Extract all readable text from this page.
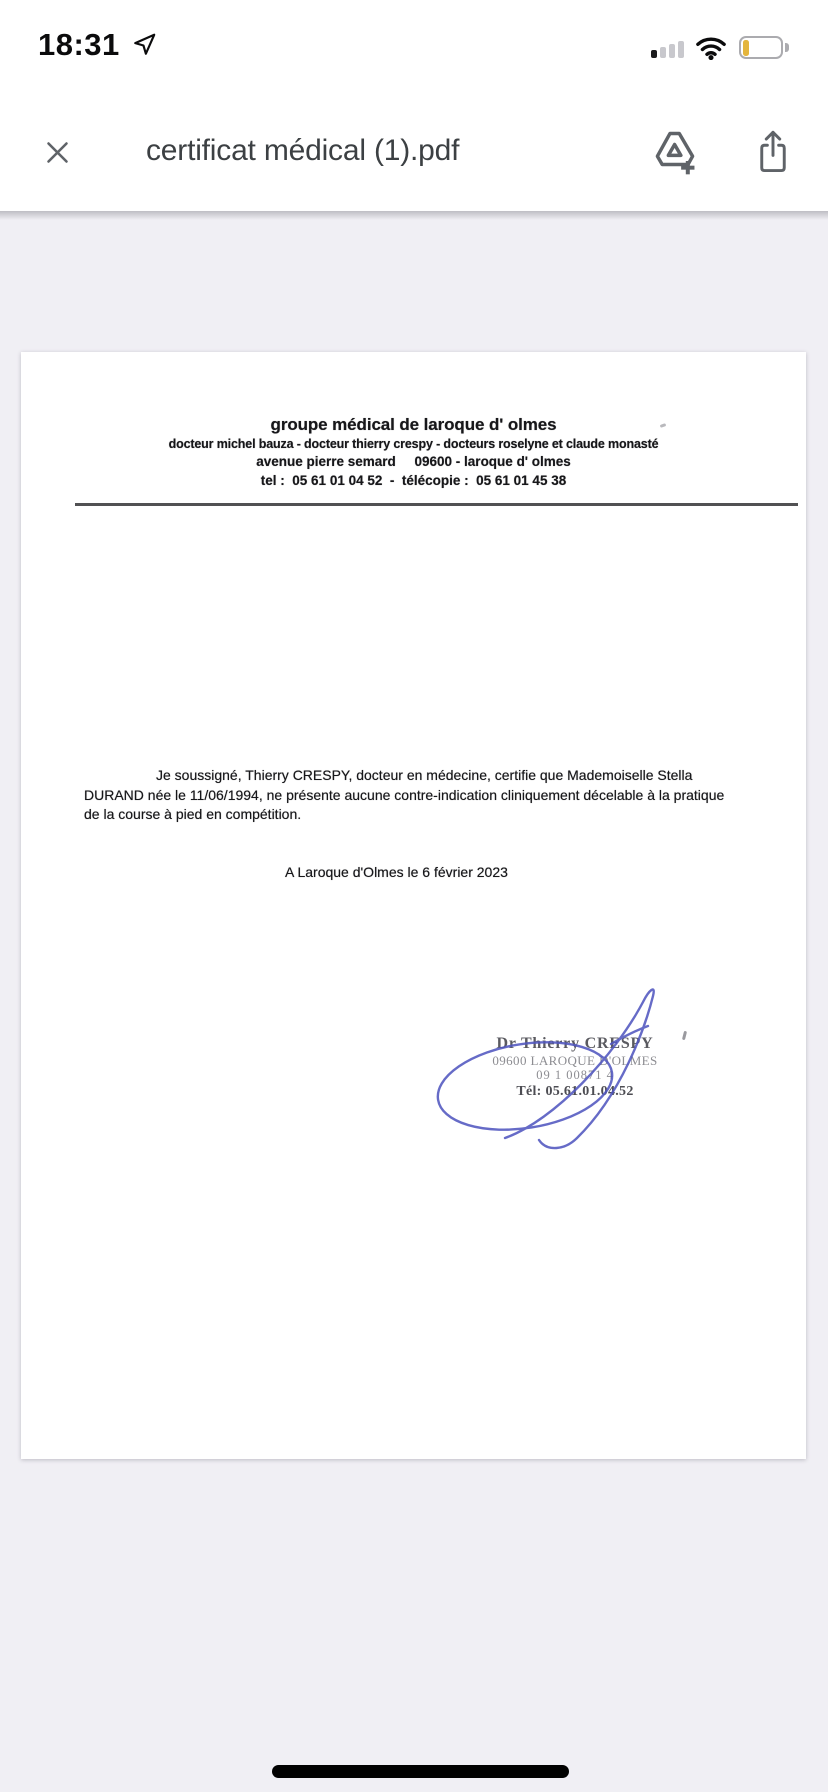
18:31
certificat médical (1).pdf
groupe médical de laroque d' olmes
docteur michel bauza - docteur thierry crespy - docteurs roselyne et claude monasté
avenue pierre semard     09600 - laroque d' olmes
tel :  05 61 01 04 52  -  télécopie :  05 61 01 45 38
Je soussigné, Thierry CRESPY, docteur en médecine, certifie que Mademoiselle Stella
DURAND née le 11/06/1994, ne présente aucune contre-indication cliniquement décelable à la pratique
de la course à pied en compétition.
A Laroque d'Olmes le 6 février 2023
Dr Thierry CRESPY
09600 LAROQUE D'OLMES
09 1 00871 4
Tél: 05.61.01.04.52
